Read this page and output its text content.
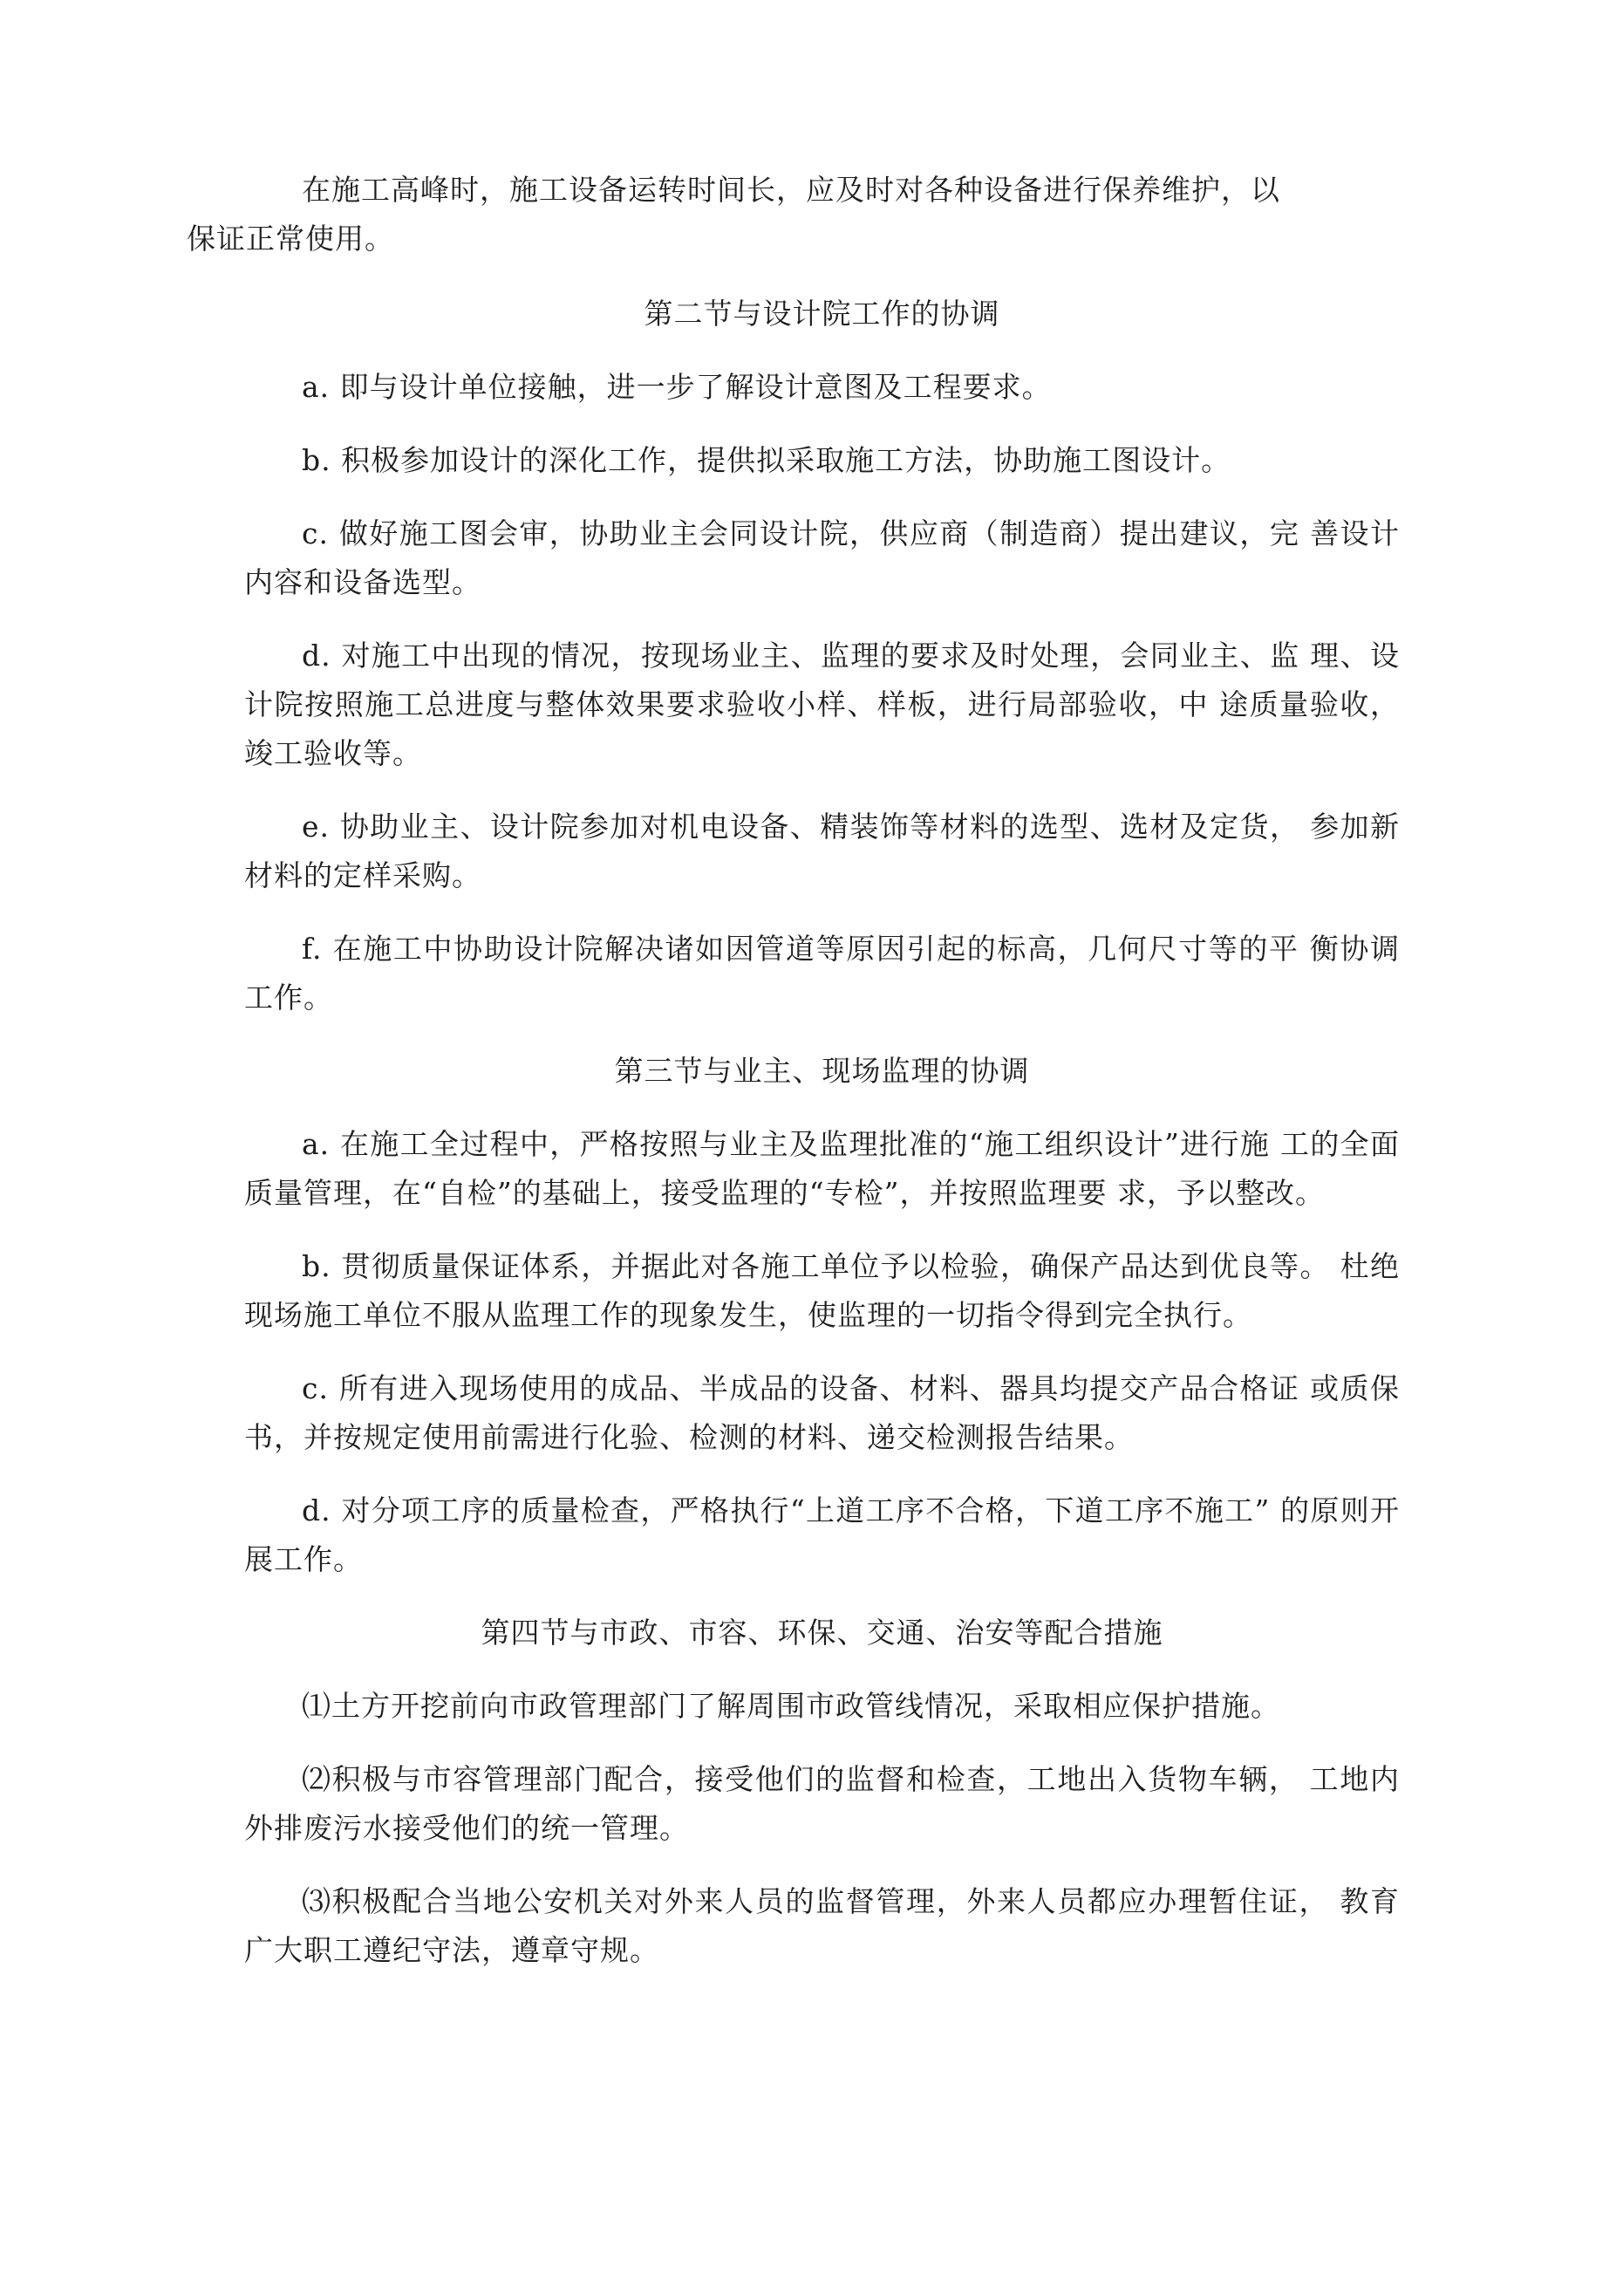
在施工高峰时，施工设备运转时间长，应及时对各种设备进行保养维护，以
保证正常使用。

第二节与设计院工作的协调

a. 即与设计单位接触，进一步了解设计意图及工程要求。

b. 积极参加设计的深化工作，提供拟采取施工方法，协助施工图设计。

c. 做好施工图会审，协助业主会同设计院，供应商（制造商）提出建议，完 善设计内容和设备选型。

d. 对施工中出现的情况，按现场业主、监理的要求及时处理，会同业主、监 理、设计院按照施工总进度与整体效果要求验收小样、样板，进行局部验收，中 途质量验收，竣工验收等。

e. 协助业主、设计院参加对机电设备、精装饰等材料的选型、选材及定货， 参加新材料的定样采购。

f. 在施工中协助设计院解决诸如因管道等原因引起的标高，几何尺寸等的平 衡协调工作。

第三节与业主、现场监理的协调

a. 在施工全过程中，严格按照与业主及监理批准的“施工组织设计”进行施 工的全面质量管理，在“自检”的基础上，接受监理的“专检”，并按照监理要 求，予以整改。

b. 贯彻质量保证体系，并据此对各施工单位予以检验，确保产品达到优良等。 杜绝现场施工单位不服从监理工作的现象发生，使监理的一切指令得到完全执行。

c. 所有进入现场使用的成品、半成品的设备、材料、器具均提交产品合格证 或质保书，并按规定使用前需进行化验、检测的材料、递交检测报告结果。

d. 对分项工序的质量检查，严格执行“上道工序不合格，下道工序不施工” 的原则开展工作。

第四节与市政、市容、环保、交通、治安等配合措施

⑴土方开挖前向市政管理部门了解周围市政管线情况，采取相应保护措施。

⑵积极与市容管理部门配合，接受他们的监督和检查，工地出入货物车辆， 工地内外排废污水接受他们的统一管理。

⑶积极配合当地公安机关对外来人员的监督管理，外来人员都应办理暂住证， 教育广大职工遵纪守法，遵章守规。
